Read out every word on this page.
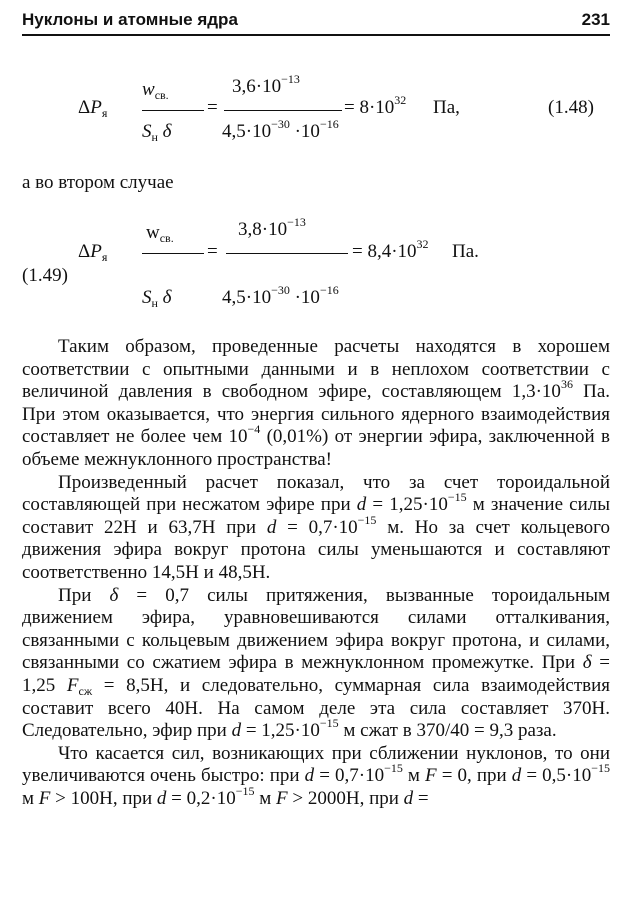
Нуклоны и атомные ядра	231
$\Delta P_я$
$w_{св.}$
$S_н$ δ
=
$3,6\cdot 10^{-13}$
$4,5\cdot 10^{-30} \cdot 10^{-16}$
= $8\cdot 10^{32}$ Па,	(1.48)
а во втором случае
$\Delta P_я$
$w_{св.}$
$S_н$ δ
=
$3,8\cdot 10^{-13}$
$4,5\cdot 10^{-30} \cdot 10^{-16}$
= $8,4\cdot 10^{32}$ Па.
(1.49)

Таким образом, проведенные расчеты находятся в хорошем соответствии с опытными данными и в неплохом соответствии с величиной давления в свободном эфире, составляющем $1,3\cdot 10^{36}$ Па. При этом оказывается, что энергия сильного ядерного взаимодействия составляет не более чем $10^{-4}$ (0,01%) от энергии эфира, заключенной в объеме межнуклонного пространства!

Произведенный расчет показал, что за счет тороидальной составляющей при несжатом эфире при $d = 1,25\cdot 10^{-15}$ м значение силы составит 22Н и 63,7Н при $d = 0,7\cdot 10^{-15}$ м. Но за счет кольцевого движения эфира вокруг протона силы уменьшаются и составляют соответственно 14,5Н и 48,5Н.

При δ = 0,7 силы притяжения, вызванные тороидальным движением эфира, уравновешиваются силами отталкивания, связанными с кольцевым движением эфира вокруг протона, и силами, связанными со сжатием эфира в межнуклонном промежутке. При δ = 1,25 $F_{сж} = 8,5Н$, и следовательно, суммарная сила взаимодействия составит всего 40Н. На самом деле эта сила составляет 370Н. Следовательно, эфир при $d = 1,25\cdot 10^{-15}$ м сжат в 370/40 = 9,3 раза.

Что касается сил, возникающих при сближении нуклонов, то они увеличиваются очень быстро: при $d = 0,7\cdot 10^{-15}$ м F = 0, при $d = 0,5\cdot 10^{-15}$ м F > 100Н, при $d = 0,2\cdot 10^{-15}$ м F > 2000Н, при d =
